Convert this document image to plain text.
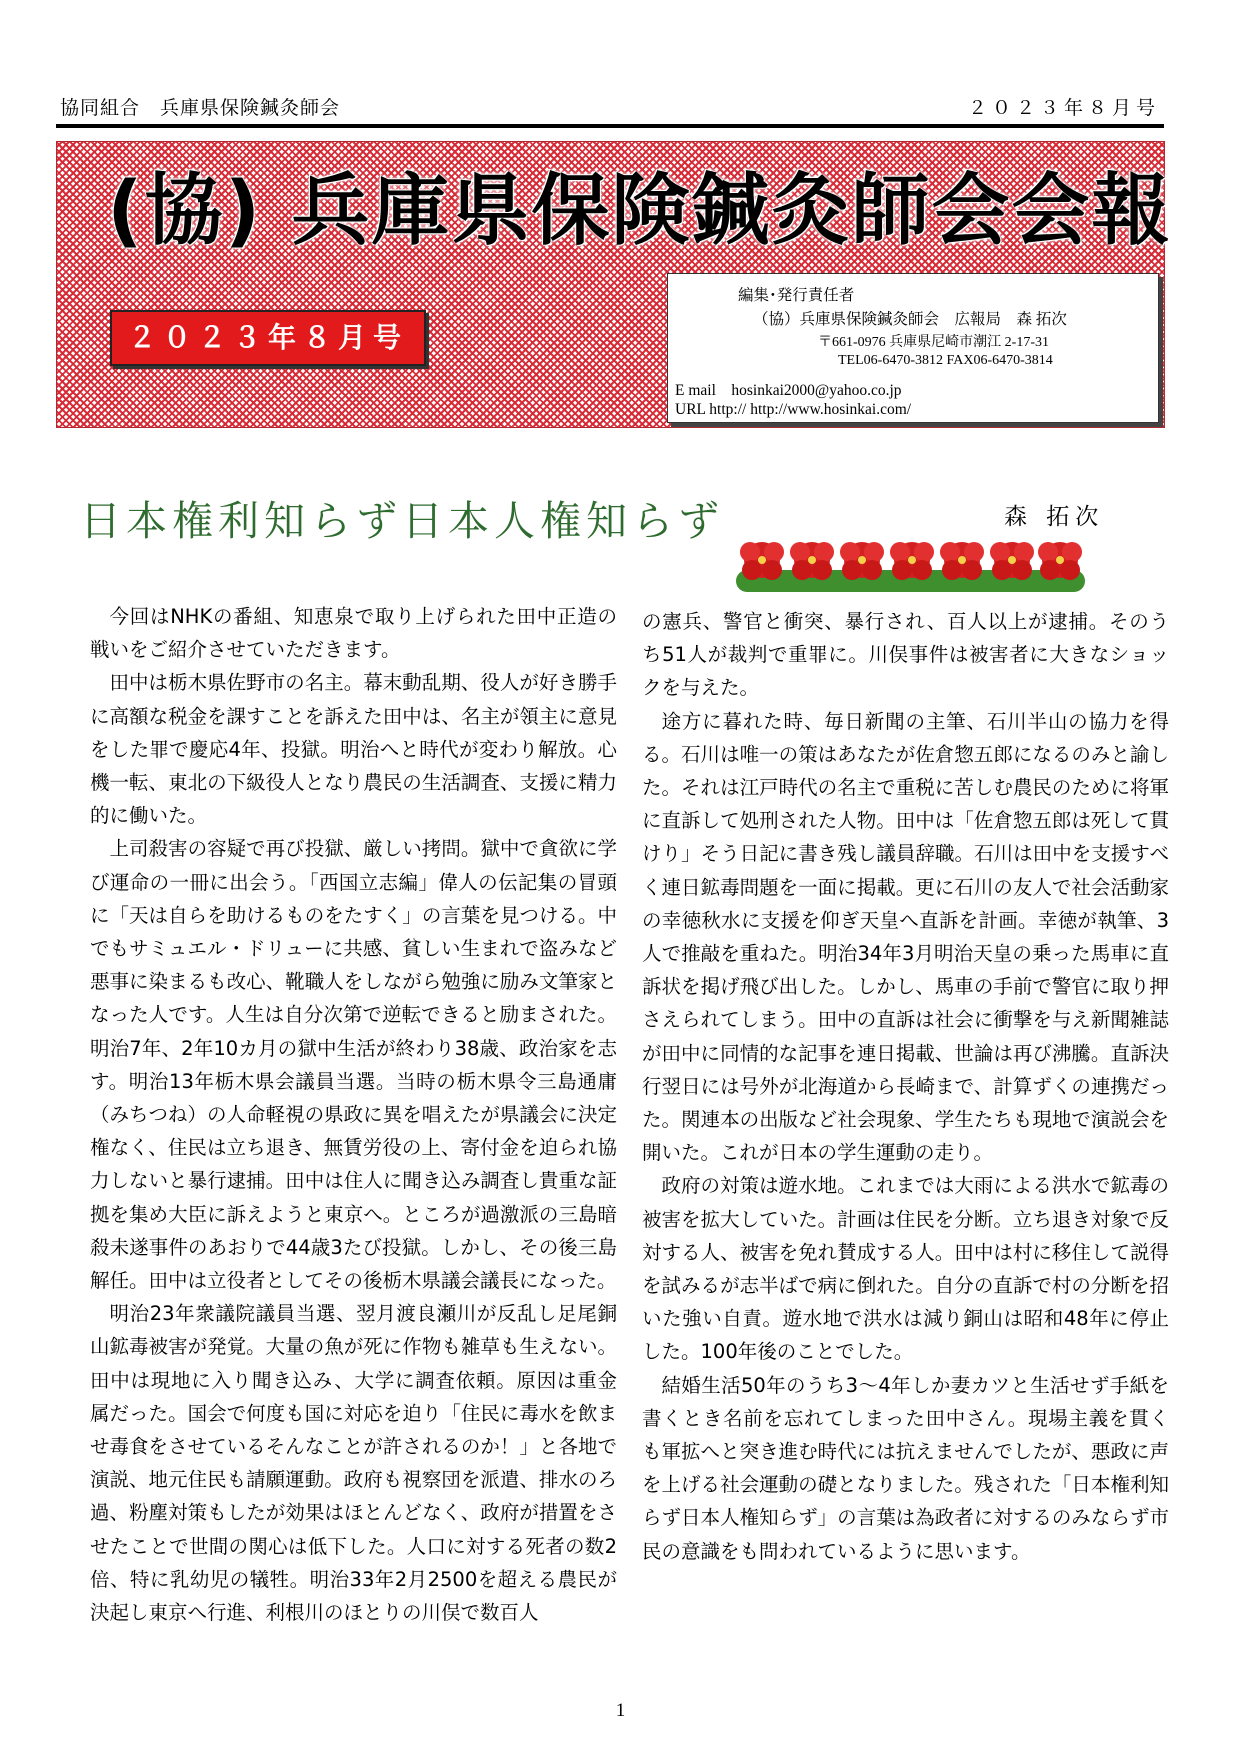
協同組合　兵庫県保険鍼灸師会	２０２３年８月号
(協) 兵庫県保険鍼灸師会会報
２０２３年８月号
編集･発行責任者
（協）兵庫県保険鍼灸師会　広報局　森 拓次
〒661-0976 兵庫県尼崎市潮江 2-17-31
TEL06-6470-3812 FAX06-6470-3814
E mail　hosinkai2000@yahoo.co.jp
URL http:// http://www.hosinkai.com/
日本権利知らず日本人権知らず	森 拓次

今回はNHKの番組、知恵泉で取り上げられた田中正造の戦いをご紹介させていただきます。

田中は栃木県佐野市の名主。幕末動乱期、役人が好き勝手に高額な税金を課すことを訴えた田中は、名主が領主に意見をした罪で慶応4年、投獄。明治へと時代が変わり解放。心機一転、東北の下級役人となり農民の生活調査、支援に精力的に働いた。

上司殺害の容疑で再び投獄、厳しい拷問。獄中で貪欲に学び運命の一冊に出会う。「西国立志編」偉人の伝記集の冒頭に「天は自らを助けるものをたすく」の言葉を見つける。中でもサミュエル・ドリューに共感、貧しい生まれで盗みなど悪事に染まるも改心、靴職人をしながら勉強に励み文筆家となった人です。人生は自分次第で逆転できると励まされた。明治7年、2年10カ月の獄中生活が終わり38歳、政治家を志す。明治13年栃木県会議員当選。当時の栃木県令三島通庸（みちつね）の人命軽視の県政に異を唱えたが県議会に決定権なく、住民は立ち退き、無賃労役の上、寄付金を迫られ協力しないと暴行逮捕。田中は住人に聞き込み調査し貴重な証拠を集め大臣に訴えようと東京へ。ところが過激派の三島暗殺未遂事件のあおりで44歳3たび投獄。しかし、その後三島解任。田中は立役者としてその後栃木県議会議長になった。

明治23年衆議院議員当選、翌月渡良瀬川が反乱し足尾銅山鉱毒被害が発覚。大量の魚が死に作物も雑草も生えない。田中は現地に入り聞き込み、大学に調査依頼。原因は重金属だった。国会で何度も国に対応を迫り「住民に毒水を飲ませ毒食をさせているそんなことが許されるのか！」と各地で演説、地元住民も請願運動。政府も視察団を派遣、排水のろ過、粉塵対策もしたが効果はほとんどなく、政府が措置をさせたことで世間の関心は低下した。人口に対する死者の数2倍、特に乳幼児の犠牲。明治33年2月2500を超える農民が決起し東京へ行進、利根川のほとりの川俣で数百人

の憲兵、警官と衝突、暴行され、百人以上が逮捕。そのうち51人が裁判で重罪に。川俣事件は被害者に大きなショックを与えた。

途方に暮れた時、毎日新聞の主筆、石川半山の協力を得る。石川は唯一の策はあなたが佐倉惣五郎になるのみと諭した。それは江戸時代の名主で重税に苦しむ農民のために将軍に直訴して処刑された人物。田中は「佐倉惣五郎は死して貫けり」そう日記に書き残し議員辞職。石川は田中を支援すべく連日鉱毒問題を一面に掲載。更に石川の友人で社会活動家の幸徳秋水に支援を仰ぎ天皇へ直訴を計画。幸徳が執筆、3人で推敲を重ねた。明治34年3月明治天皇の乗った馬車に直訴状を掲げ飛び出した。しかし、馬車の手前で警官に取り押さえられてしまう。田中の直訴は社会に衝撃を与え新聞雑誌が田中に同情的な記事を連日掲載、世論は再び沸騰。直訴決行翌日には号外が北海道から長崎まで、計算ずくの連携だった。関連本の出版など社会現象、学生たちも現地で演説会を開いた。これが日本の学生運動の走り。

政府の対策は遊水地。これまでは大雨による洪水で鉱毒の被害を拡大していた。計画は住民を分断。立ち退き対象で反対する人、被害を免れ賛成する人。田中は村に移住して説得を試みるが志半ばで病に倒れた。自分の直訴で村の分断を招いた強い自責。遊水地で洪水は減り銅山は昭和48年に停止した。100年後のことでした。

結婚生活50年のうち3～4年しか妻カツと生活せず手紙を書くとき名前を忘れてしまった田中さん。現場主義を貫くも軍拡へと突き進む時代には抗えませんでしたが、悪政に声を上げる社会運動の礎となりました。残された「日本権利知らず日本人権知らず」の言葉は為政者に対するのみならず市民の意識をも問われているように思います。

1
